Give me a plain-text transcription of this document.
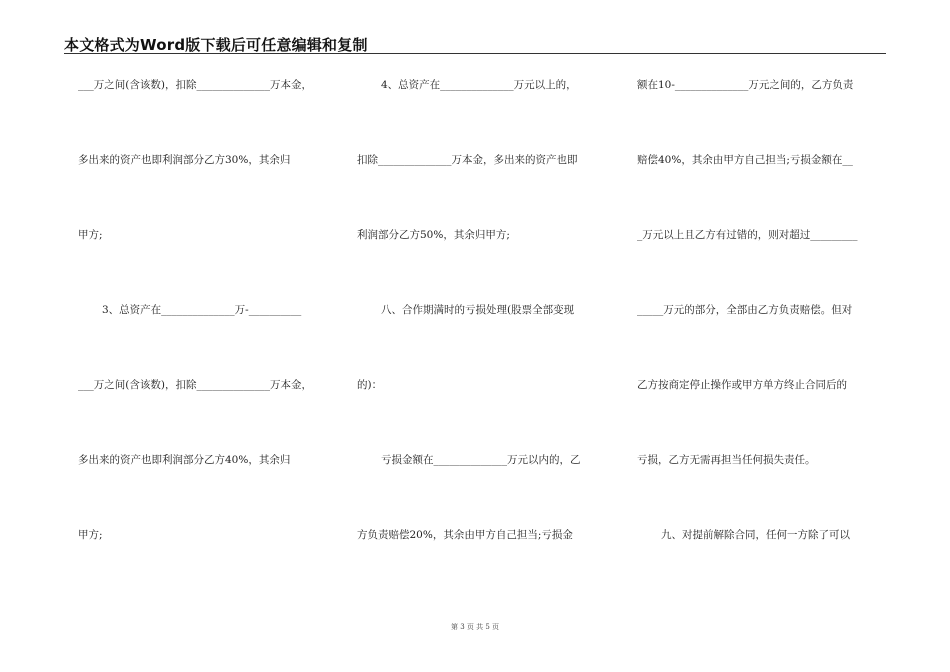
本文格式为Word版下载后可任意编辑和复制
___万之间(含该数)，扣除______________万本金，
多出来的资产也即利润部分乙方30%，其余归
甲方;
3、总资产在______________万-__________
___万之间(含该数)，扣除______________万本金，
多出来的资产也即利润部分乙方40%，其余归
甲方;
4、总资产在______________万元以上的，
扣除______________万本金，多出来的资产也即
利润部分乙方50%，其余归甲方;
八、合作期满时的亏损处理(股票全部变现
的)：
亏损金额在______________万元以内的，乙
方负责赔偿20%，其余由甲方自己担当;亏损金
额在10-______________万元之间的，乙方负责
赔偿40%，其余由甲方自己担当;亏损金额在__
_万元以上且乙方有过错的，则对超过_________
_____万元的部分，全部由乙方负责赔偿。但对
乙方按商定停止操作或甲方单方终止合同后的
亏损，乙方无需再担当任何损失责任。
九、对提前解除合同，任何一方除了可以
第 3 页 共 5 页
